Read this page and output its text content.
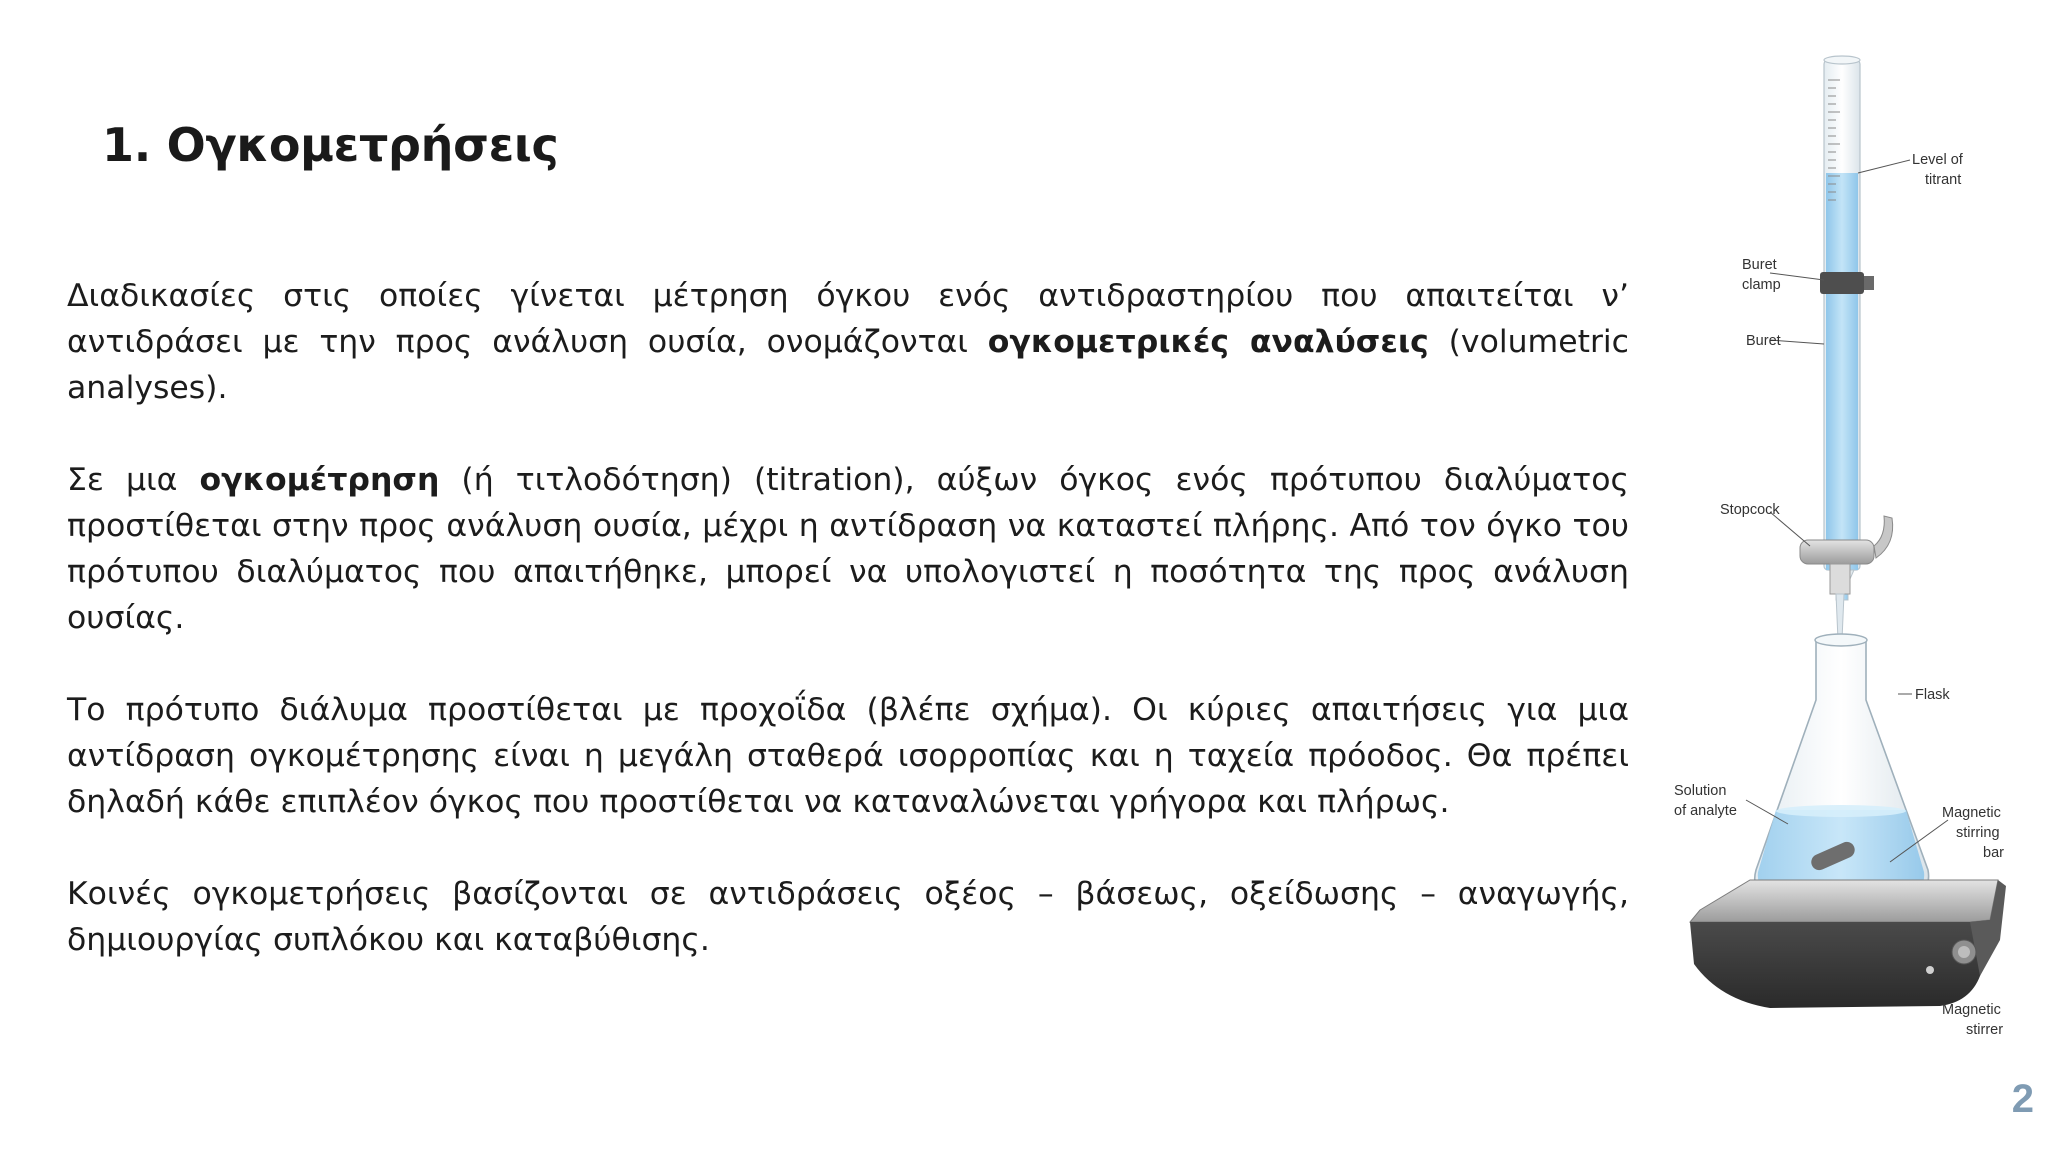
1. Ογκομετρήσεις

Διαδικασίες στις οποίες γίνεται μέτρηση όγκου ενός αντιδραστηρίου που απαιτείται ν’ αντιδράσει με την προς ανάλυση ουσία, ονομάζονται ογκομετρικές αναλύσεις (volumetric analyses).

Σε μια ογκομέτρηση (ή τιτλοδότηση) (titration), αύξων όγκος ενός πρότυπου διαλύματος προστίθεται στην προς ανάλυση ουσία, μέχρι η αντίδραση να καταστεί πλήρης. Από τον όγκο του πρότυπου διαλύματος που απαιτήθηκε, μπορεί να υπολογιστεί η ποσότητα της προς ανάλυση ουσίας.

Το πρότυπο διάλυμα προστίθεται με προχοΐδα (βλέπε σχήμα). Οι κύριες απαιτήσεις για μια αντίδραση ογκομέτρησης είναι η μεγάλη σταθερά ισορροπίας και η ταχεία πρόοδος. Θα πρέπει δηλαδή κάθε επιπλέον όγκος που προστίθεται να καταναλώνεται γρήγορα και πλήρως.

Κοινές ογκομετρήσεις βασίζονται σε αντιδράσεις οξέος – βάσεως, οξείδωσης – αναγωγής, δημιουργίας συπλόκου και καταβύθισης.

Level of
titrant
Buret
clamp
Buret
Stopcock
Flask
Solution
of analyte	Magnetic
stirring
bar
Magnetic
stirrer
2
